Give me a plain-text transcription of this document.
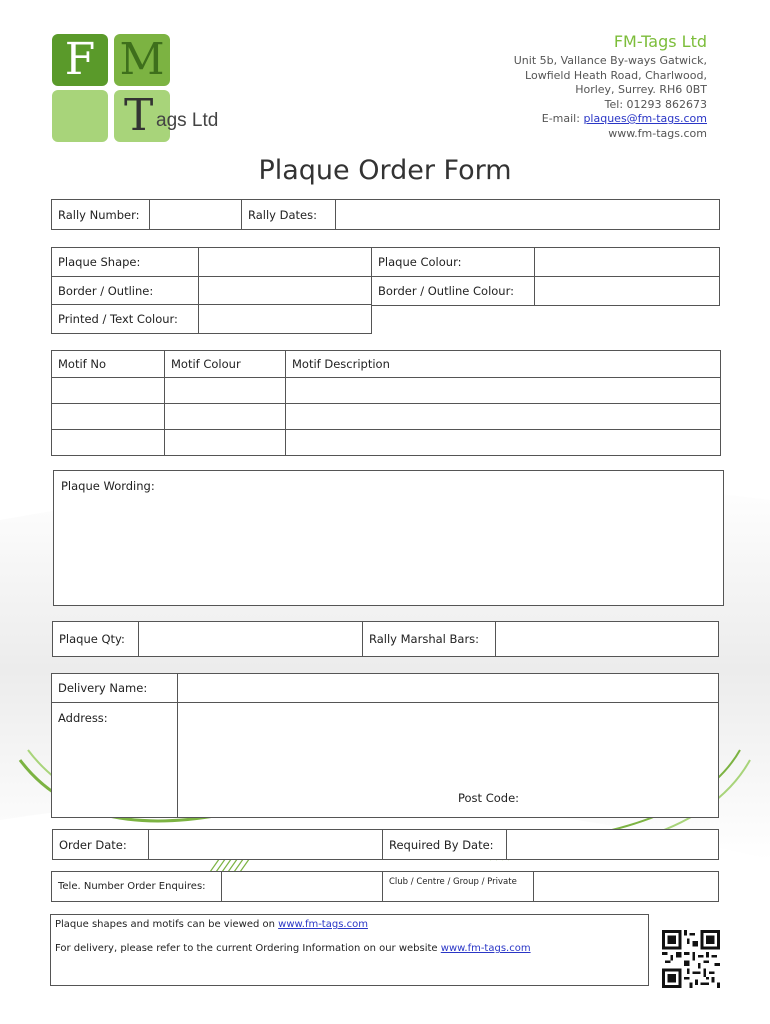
F M
T ags Ltd
FM-Tags Ltd
Unit 5b, Vallance By-ways Gatwick,
Lowfield Heath Road, Charlwood,
Horley, Surrey. RH6 0BT
Tel: 01293 862673
E-mail: plaques@fm-tags.com
www.fm-tags.com
Plaque Order Form
Rally Number:		Rally Dates:	
Plaque Shape:		Plaque Colour:	
Border / Outline:		Border / Outline Colour:	
Printed / Text Colour:	
Motif No	Motif Colour	Motif Description

Plaque Wording:
Plaque Qty:		Rally Marshal Bars:	
Delivery Name:	
Address:	Post Code:
Order Date:		Required By Date:	
Tele. Number Order Enquires:		Club / Centre / Group / Private	
Plaque shapes and motifs can be viewed on www.fm-tags.com
For delivery, please refer to the current Ordering Information on our website www.fm-tags.com
